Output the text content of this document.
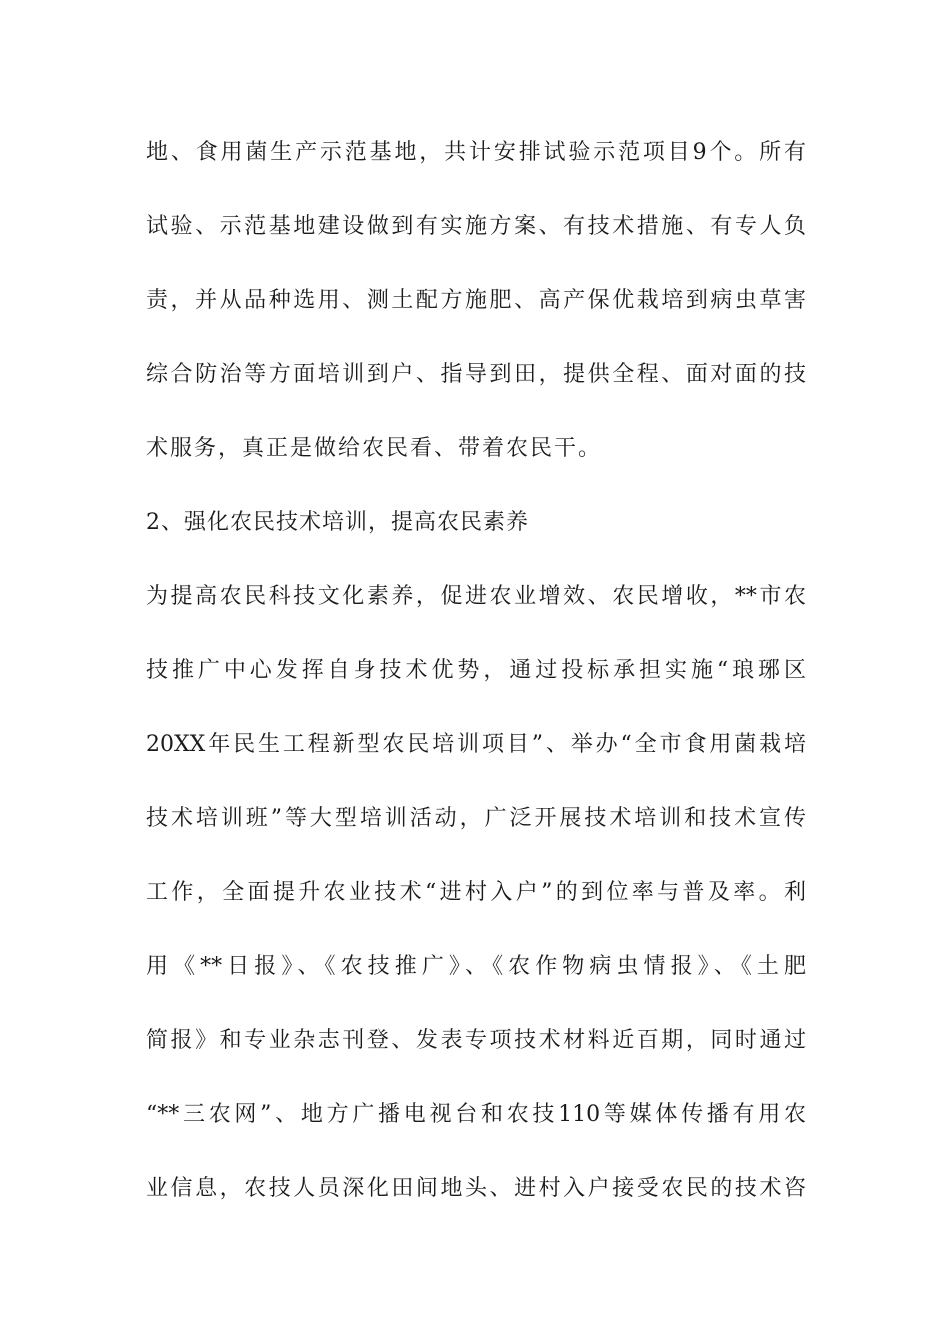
地、食用菌生产示范基地，共计安排试验示范项目9个。所有
试验、示范基地建设做到有实施方案、有技术措施、有专人负
责，并从品种选用、测土配方施肥、高产保优栽培到病虫草害
综合防治等方面培训到户、指导到田，提供全程、面对面的技
术服务，真正是做给农民看、带着农民干。
2、强化农民技术培训，提高农民素养
为提高农民科技文化素养，促进农业增效、农民增收，**市农
技推广中心发挥自身技术优势，通过投标承担实施“琅琊区
20XX年民生工程新型农民培训项目”、举办“全市食用菌栽培
技术培训班”等大型培训活动，广泛开展技术培训和技术宣传
工作，全面提升农业技术“进村入户”的到位率与普及率。利
用《**日报》、《农技推广》、《农作物病虫情报》、《土肥
简报》和专业杂志刊登、发表专项技术材料近百期，同时通过
“**三农网”、地方广播电视台和农技110等媒体传播有用农
业信息，农技人员深化田间地头、进村入户接受农民的技术咨
